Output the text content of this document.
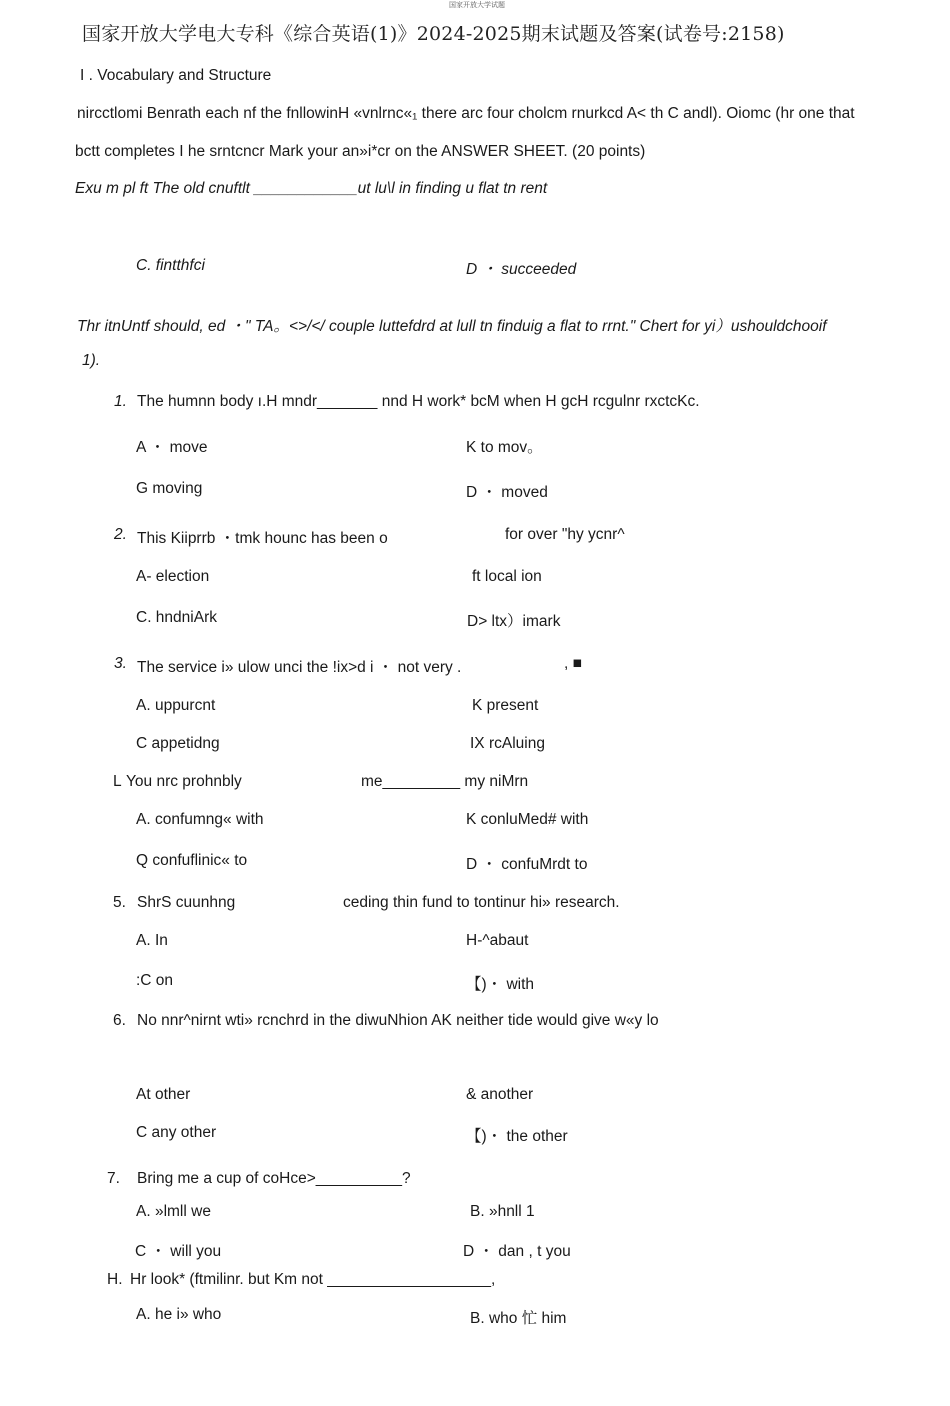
国家开放大学试题
国家开放大学电大专科《综合英语(1)》2024-2025期末试题及答案(试卷号:2158)
I . Vocabulary and Structure
nircctlomi Benrath each nf the fnllowinH «vnlrnc«₁ there arc four cholcm rnurkcd A< th C andl). Oiomc (hr one that
bctt completes I he srntcncr Mark your an»i*cr on the ANSWER SHEET. (20 points)
Exu m pl ft The old cnuftlt ____________ut lu\l in finding u flat tn rent
C. fintthfci	D ・ succeeded
Thr itnUntf should, ed ・" TA。<>/</ couple luttefdrd at lull tn finduig a flat to rrnt." Chert for yi）ushouldchooif
1).
1. The humnn body ı.H mndr_______ nnd H work* bcM when H gcH rcgulnr rxctcKc.
A ・ move	K to mov。
G moving	D ・ moved
2. This Kiiprrb ・tmk hounc has been o	for over "hy ycnr^
A- election	ft local ion
C. hndniArk	D> ltx）imark
3. The service i» ulow unci the !ix>d i ・ not very .	, ■
A. uppurcnt	K present
C appetidng	IX rcAluing
L You nrc prohnbly	me_________ my niMrn
A. confumng« with	K conluMed# with
Q confuflinic« to	D ・ confuMrdt to
5. ShrS cuunhng	ceding thin fund to tontinur hi» research.
A. In	H-^abaut
:C on	【)・ with
6. No nnr^nirnt wti» rcnchrd in the diwuNhion AK neither tide would give w«y lo
At other	& another
C any other	【)・ the other
7. Bring me a cup of coHce>__________?
A. »lmll we	B. »hnll 1
C ・ will you	D ・ dan , t you
H. Hr look* (ftmilinr. but Km not ___________________,
A. he i» who	B. who 忙 him
